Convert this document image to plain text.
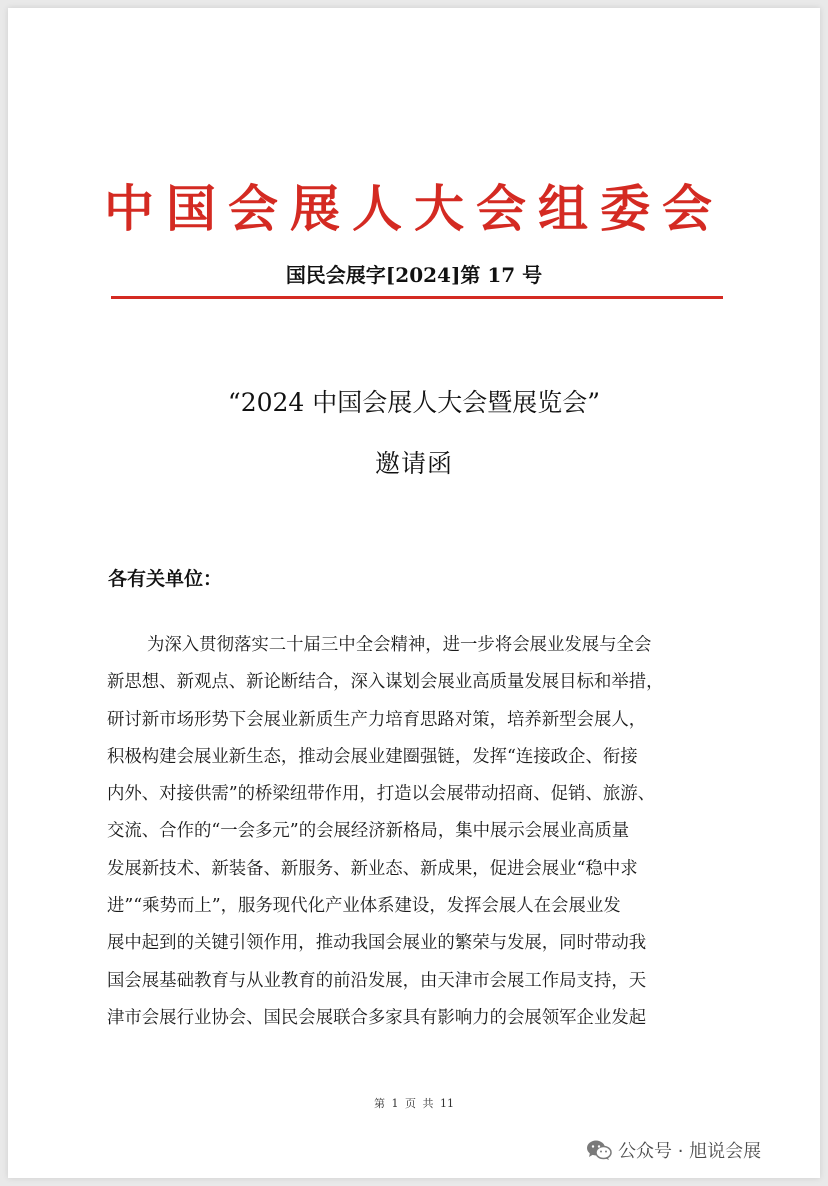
中国会展人大会组委会
国民会展字[2024]第 17 号
“2024 中国会展人大会暨展览会”
邀请函
各有关单位：
为深入贯彻落实二十届三中全会精神，进一步将会展业发展与全会
新思想、新观点、新论断结合，深入谋划会展业高质量发展目标和举措，
研讨新市场形势下会展业新质生产力培育思路对策，培养新型会展人，
积极构建会展业新生态，推动会展业建圈强链，发挥“连接政企、衔接
内外、对接供需”的桥梁纽带作用，打造以会展带动招商、促销、旅游、
交流、合作的“一会多元”的会展经济新格局，集中展示会展业高质量
发展新技术、新装备、新服务、新业态、新成果，促进会展业“稳中求
进”“乘势而上”，服务现代化产业体系建设，发挥会展人在会展业发
展中起到的关键引领作用，推动我国会展业的繁荣与发展，同时带动我
国会展基础教育与从业教育的前沿发展，由天津市会展工作局支持，天
津市会展行业协会、国民会展联合多家具有影响力的会展领军企业发起
第 1 页 共 11
公众号 · 旭说会展
